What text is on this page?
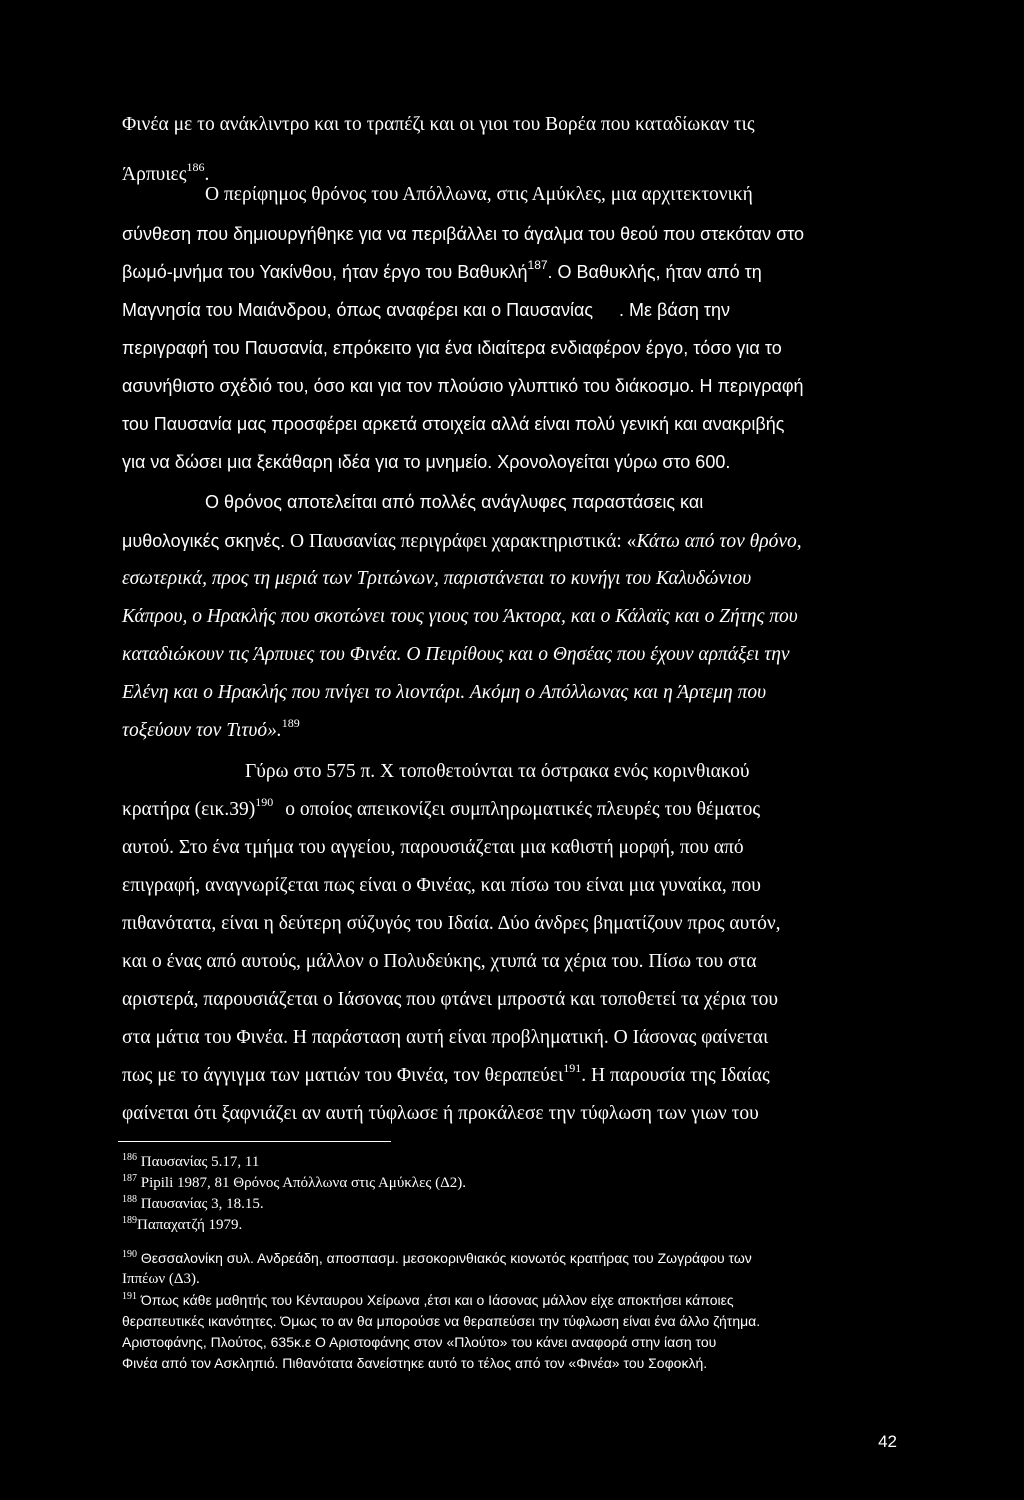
Φινέα με το ανάκλιντρο και το τραπέζι και οι γιοι του Βορέα που καταδίωκαν τις
Άρπυιες$^{186}$.
Ο περίφημος θρόνος του Απόλλωνα, στις Αμύκλες, μια αρχιτεκτονική
σύνθεση που δημιουργήθηκε για να περιβάλλει το άγαλμα του θεού που στεκόταν στο
βωμό-μνήμα του Υακίνθου, ήταν έργο του Βαθυκλή$^{187}$. Ο Βαθυκλής, ήταν από τη
Μαγνησία του Μαιάνδρου, όπως αναφέρει και ο Παυσανίας . Με βάση την
περιγραφή του Παυσανία, επρόκειτο για ένα ιδιαίτερα ενδιαφέρον έργο, τόσο για το
ασυνήθιστο σχέδιό του, όσο και για τον πλούσιο γλυπτικό του διάκοσμο. Η περιγραφή
του Παυσανία μας προσφέρει αρκετά στοιχεία αλλά είναι πολύ γενική και ανακριβής
για να δώσει μια ξεκάθαρη ιδέα για το μνημείο. Χρονολογείται γύρω στο 600.
Ο θρόνος αποτελείται από πολλές ανάγλυφες παραστάσεις και
μυθολογικές σκηνές. Ο Παυσανίας περιγράφει χαρακτηριστικά: «Κάτω από τον θρόνο,
εσωτερικά, προς τη μεριά των Τριτώνων, παριστάνεται το κυνήγι του Καλυδώνιου
Κάπρου, ο Ηρακλής που σκοτώνει τους γιους του Άκτορα, και ο Κάλαϊς και ο Ζήτης που
καταδιώκουν τις Άρπυιες του Φινέα. Ο Πειρίθους και ο Θησέας που έχουν αρπάξει την
Ελένη και ο Ηρακλής που πνίγει το λιοντάρι. Ακόμη ο Απόλλωνας και η Άρτεμη που
τοξεύουν τον Τιτυό».$^{189}$
Γύρω στο 575 π. Χ τοποθετούνται τα όστρακα ενός κορινθιακού
κρατήρα $(\varepsilon\iota\kappa.39)^{190}$ ο οποίος απεικονίζει συμπληρωματικές πλευρές του θέματος
αυτού. Στο ένα τμήμα του αγγείου, παρουσιάζεται μια καθιστή μορφή, που από
επιγραφή, αναγνωρίζεται πως είναι ο Φινέας, και πίσω του είναι μια γυναίκα, που
πιθανότατα, είναι η δεύτερη σύζυγός του Ιδαία. Δύο άνδρες βηματίζουν προς αυτόν,
και ο ένας από αυτούς, μάλλον ο Πολυδεύκης, χτυπά τα χέρια του. Πίσω του στα
αριστερά, παρουσιάζεται ο Ιάσονας που φτάνει μπροστά και τοποθετεί τα χέρια του
στα μάτια του Φινέα. Η παράσταση αυτή είναι προβληματική. Ο Ιάσονας φαίνεται
πως με το άγγιγμα των ματιών του Φινέα, τον θεραπεύει$^{191}$. Η παρουσία της Ιδαίας
φαίνεται ότι ξαφνιάζει αν αυτή τύφλωσε ή προκάλεσε την τύφλωση των γιων του
$^{186}$ Παυσανίας 5.17, 11
$^{187}$ Pipili 1987, 81 Θρόνος Απόλλωνα στις Αμύκλες (Δ2).
$^{188}$ Παυσανίας 3, 18.15.
$^{189}$Παπαχατζή 1979.
$^{190}$ Θεσσαλονίκη συλ. Ανδρεάδη, αποσπασμ. μεσοκορινθιακός κιονωτός κρατήρας του Ζωγράφου των
Ιππέων (Δ3).
$^{191}$ Όπως κάθε μαθητής του Κένταυρου Χείρωνα ,έτσι και ο Ιάσονας μάλλον είχε αποκτήσει κάποιες
θεραπευτικές ικανότητες. Όμως το αν θα μπορούσε να θεραπεύσει την τύφλωση είναι ένα άλλο ζήτημα.
Αριστοφάνης, Πλούτος, 635κ.ε Ο Αριστοφάνης στον «Πλούτο» του κάνει αναφορά στην ίαση του
Φινέα από τον Ασκληπιό. Πιθανότατα δανείστηκε αυτό το τέλος από τον «Φινέα» του Σοφοκλή.
42
